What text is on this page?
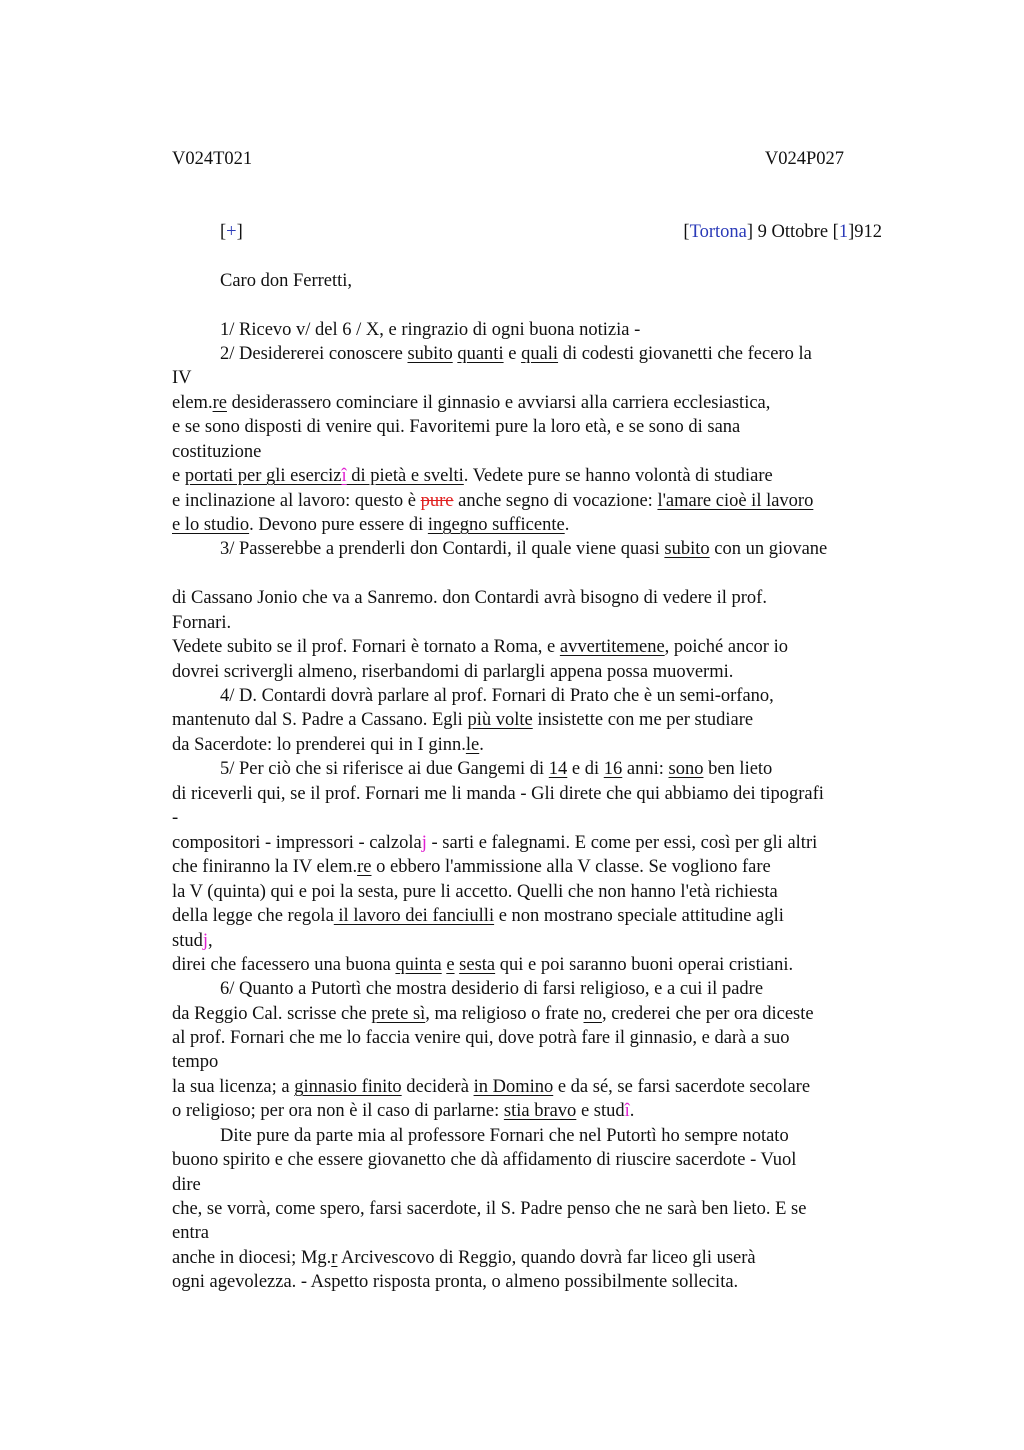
V024T021	V024P027
[+]	[Tortona] 9 Ottobre [1]912
Caro don Ferretti,
1/ Ricevo v/ del 6 / X, e ringrazio di ogni buona notizia -
2/ Desidererei conoscere subito quanti e quali di codesti giovanetti che fecero la
IV
elem.re desiderassero cominciare il ginnasio e avviarsi alla carriera ecclesiastica,
e se sono disposti di venire qui. Favoritemi pure la loro età, e se sono di sana
costituzione
e portati per gli esercizî di pietà e svelti. Vedete pure se hanno volontà di studiare
e inclinazione al lavoro: questo è pure anche segno di vocazione: l'amare cioè il lavoro
e lo studio. Devono pure essere di ingegno sufficente.
3/ Passerebbe a prenderli don Contardi, il quale viene quasi subito con un giovane
di Cassano Jonio che va a Sanremo. don Contardi avrà bisogno di vedere il prof.
Fornari.
Vedete subito se il prof. Fornari è tornato a Roma, e avvertitemene, poiché ancor io
dovrei scrivergli almeno, riserbandomi di parlargli appena possa muovermi.
4/ D. Contardi dovrà parlare al prof. Fornari di Prato che è un semi-orfano,
mantenuto dal S. Padre a Cassano. Egli più volte insistette con me per studiare
da Sacerdote: lo prenderei qui in I ginn.le.
5/ Per ciò che si riferisce ai due Gangemi di 14 e di 16 anni: sono ben lieto
di riceverli qui, se il prof. Fornari me li manda - Gli direte che qui abbiamo dei tipografi
-
compositori - impressori - calzolaj - sarti e falegnami. E come per essi, così per gli altri
che finiranno la IV elem.re o ebbero l'ammissione alla V classe. Se vogliono fare
la V (quinta) qui e poi la sesta, pure li accetto. Quelli che non hanno l'età richiesta
della legge che regola il lavoro dei fanciulli e non mostrano speciale attitudine agli
studj,
direi che facessero una buona quinta e sesta qui e poi saranno buoni operai cristiani.
6/ Quanto a Putortì che mostra desiderio di farsi religioso, e a cui il padre
da Reggio Cal. scrisse che prete sì, ma religioso o frate no, crederei che per ora diceste
al prof. Fornari che me lo faccia venire qui, dove potrà fare il ginnasio, e darà a suo
tempo
la sua licenza; a ginnasio finito deciderà in Domino e da sé, se farsi sacerdote secolare
o religioso; per ora non è il caso di parlarne: stia bravo e studî.
Dite pure da parte mia al professore Fornari che nel Putortì ho sempre notato
buono spirito e che essere giovanetto che dà affidamento di riuscire sacerdote - Vuol
dire
che, se vorrà, come spero, farsi sacerdote, il S. Padre penso che ne sarà ben lieto. E se
entra
anche in diocesi; Mg.r Arcivescovo di Reggio, quando dovrà far liceo gli userà
ogni agevolezza. - Aspetto risposta pronta, o almeno possibilmente sollecita.
